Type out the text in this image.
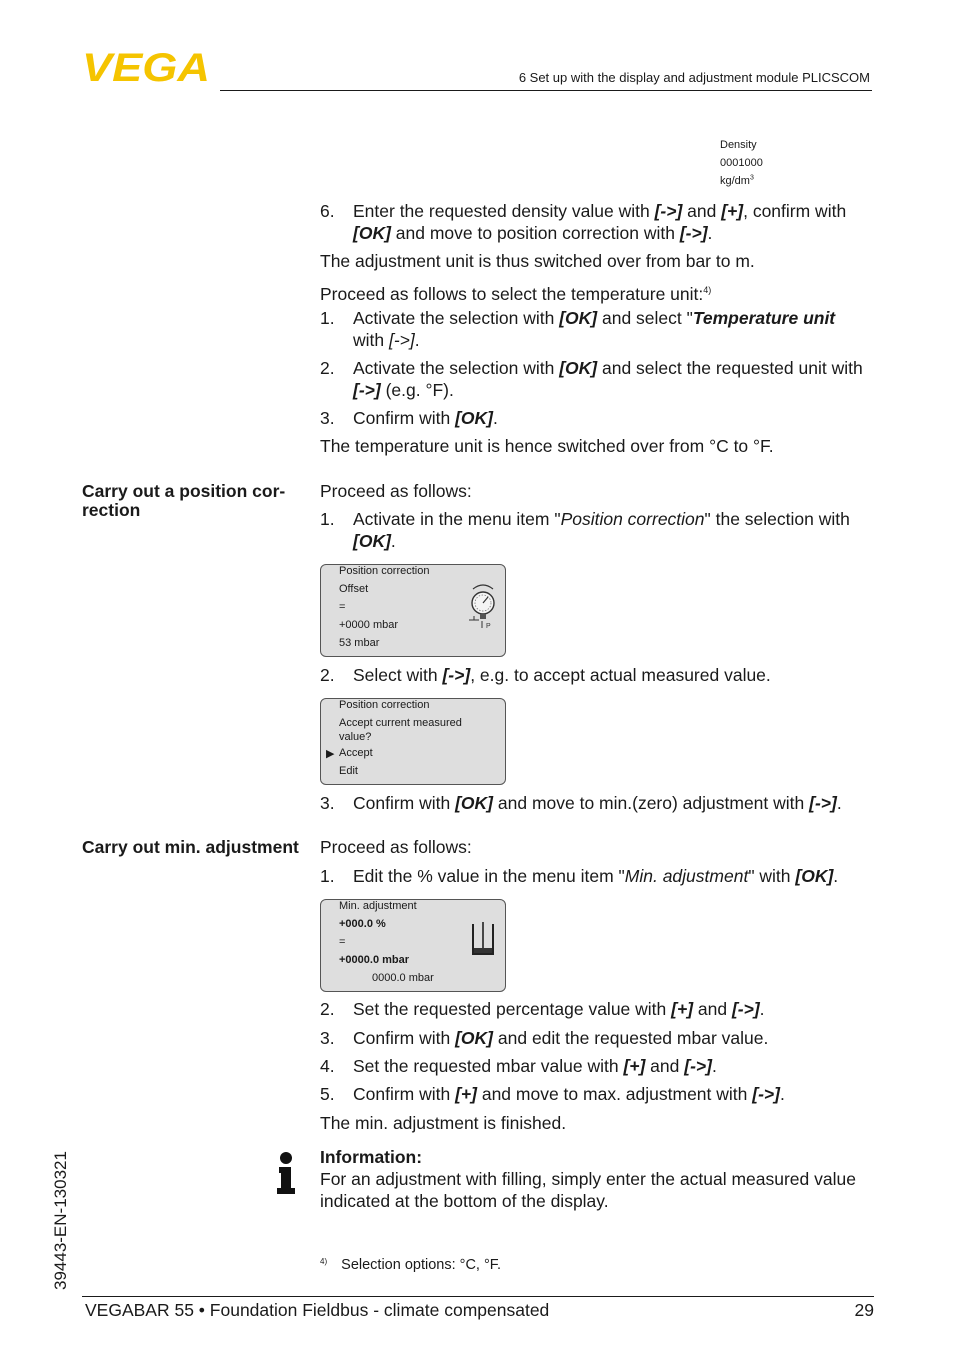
VEGA	6 Set up with the display and adjustment module PLICSCOM
Density
0001000
$kg/dm^3$
6.	Enter the requested density value with [->] and [+], confirm with
[OK] and move to position correction with [->].
The adjustment unit is thus switched over from bar to m.
Proceed as follows to select the temperature unit:$^{4)}$
1.	Activate the selection with [OK] and select "Temperature unit
with [->].
2.	Activate the selection with [OK] and select the requested unit with
[->] (e.g. °F).
3.	Confirm with [OK].
The temperature unit is hence switched over from °C to °F.
Carry out a position cor-
rection
Proceed as follows:
1.	Activate in the menu item "Position correction" the selection with
[OK].
Position correction
Offset
=
+0000 mbar
53 mbar
P
2.	Select with [->], e.g. to accept actual measured value.
Position correction
Accept current measured
value?
▶ Accept
Edit
3.	Confirm with [OK] and move to min.(zero) adjustment with [->].
Carry out min. adjustment Proceed as follows:
1.	Edit the % value in the menu item "Min. adjustment" with [OK].
Min. adjustment
+000.0 %
=
+0000.0 mbar
0000.0 mbar
2.	Set the requested percentage value with [+] and [->].
3.	Confirm with [OK] and edit the requested mbar value.
4.	Set the requested mbar value with [+] and [->].
5.	Confirm with [+] and move to max. adjustment with [->].
The min. adjustment is finished.
Information:
For an adjustment with filling, simply enter the actual measured value
indicated at the bottom of the display.
$^{4)}$ Selection options: °C, °F.
39443-EN-130321
VEGABAR 55 • Foundation Fieldbus - climate compensated	29
